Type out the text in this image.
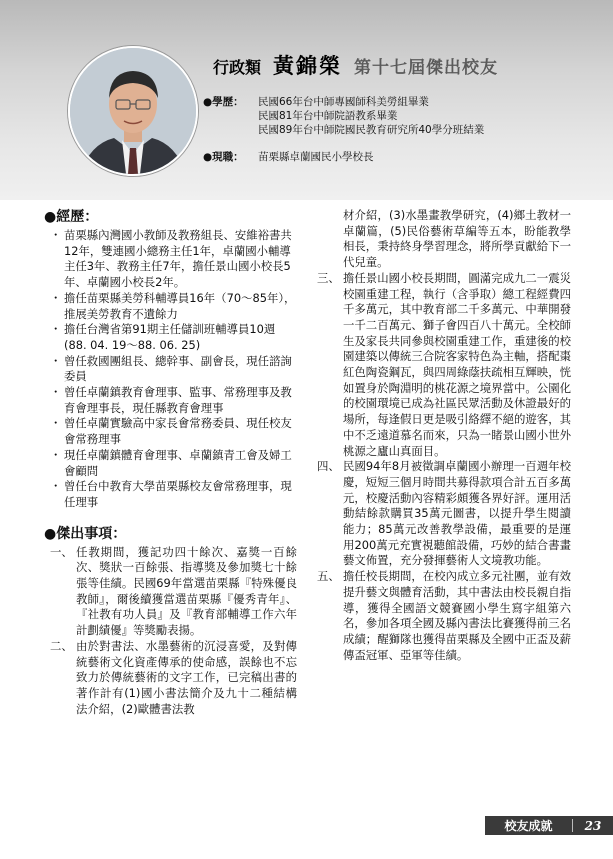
行政類 黃錦榮 第十七屆傑出校友
●學歷：	民國66年台中師專國師科美勞組畢業
民國81年台中師院語教系畢業
民國89年台中師院國民教育研究所40學分班結業
●現職：	苗栗縣卓蘭國民小學校長
●經歷：
・ 苗栗縣內灣國小教師及教務組長、安維裕書共12年，雙連國小總務主任1年，卓蘭國小輔導主任3年、教務主任7年，擔任景山國小校長5年、卓蘭國小校長2年。
・ 擔任苗栗縣美勞科輔導員16年（70～85年），推展美勞教育不遺餘力
・ 擔任台灣省第91期主任儲訓班輔導員10週(88. 04. 19～88. 06. 25)
・ 曾任救國團組長、總幹事、副會長，現任諮詢委員
・ 曾任卓蘭鎮教育會理事、監事、常務理事及教育會理事長，現任縣教育會理事
・ 曾任卓蘭實驗高中家長會常務委員、現任校友會常務理事
・ 現任卓蘭鎮體育會理事、卓蘭鎮青工會及婦工會顧問
・ 曾任台中教育大學苗栗縣校友會常務理事，現任理事
●傑出事項：
一、 任教期間，獲記功四十餘次、嘉獎一百餘次、獎狀一百餘張、指導獎及參加獎七十餘張等佳績。民國69年當選苗栗縣『特殊優良教師』，爾後續獲當選苗栗縣『優秀青年』、『社教有功人員』及『教育部輔導工作六年計劃績優』等獎勵表揚。
二、 由於對書法、水墨藝術的沉浸喜愛，及對傳統藝術文化資產傳承的使命感，誤餘也不忘致力於傳統藝術的文字工作，已完稿出書的著作計有(1)國小書法簡介及九十二種結構法介紹，(2)歐體書法教

材介紹，(3)水墨畫教學研究，(4)鄉土教材一卓蘭篇，(5)民俗藝術草編等五本，盼能教學相長，秉持終身學習理念，將所學貢獻給下一代兒童。

三、 擔任景山國小校長期間，圓滿完成九二一震災校園重建工程，執行（含爭取）總工程經費四千多萬元，其中教育部二千多萬元、中華開發一千二百萬元、獅子會四百八十萬元。全校師生及家長共同參與校園重建工作，重建後的校園建築以傳統三合院客家特色為主軸，搭配棗紅色陶瓷鋼瓦，與四周綠蔭扶疏相互輝映，恍如置身於陶淵明的桃花源之境界當中。公園化的校園環境已成為社區民眾活動及休證最好的場所，每逢假日更是吸引絡繹不絕的遊客，其中不乏遠道慕名而來，只為一睹景山國小世外桃源之廬山真面目。
四、 民國94年8月被徵調卓蘭國小辦理一百週年校慶，短短三個月時間共募得款項合計五百多萬元，校慶活動內容精彩頗獲各界好評。運用活動結餘款購買35萬元圖書，以提升學生閱讀能力；85萬元改善教學設備，最重要的是運用200萬元充實視聽館設備，巧妙的結合書畫藝文佈置，充分發揮藝術人文境教功能。
五、 擔任校長期間，在校內成立多元社團，並有效提升藝文與體育活動，其中書法由校長親自指導，獲得全國語文競賽國小學生寫字組第六名，參加各項全國及縣內書法比賽獲得前三名成績；醒獅隊也獲得苗栗縣及全國中正盃及薪傳盃冠軍、亞軍等佳績。
校友成就	23
